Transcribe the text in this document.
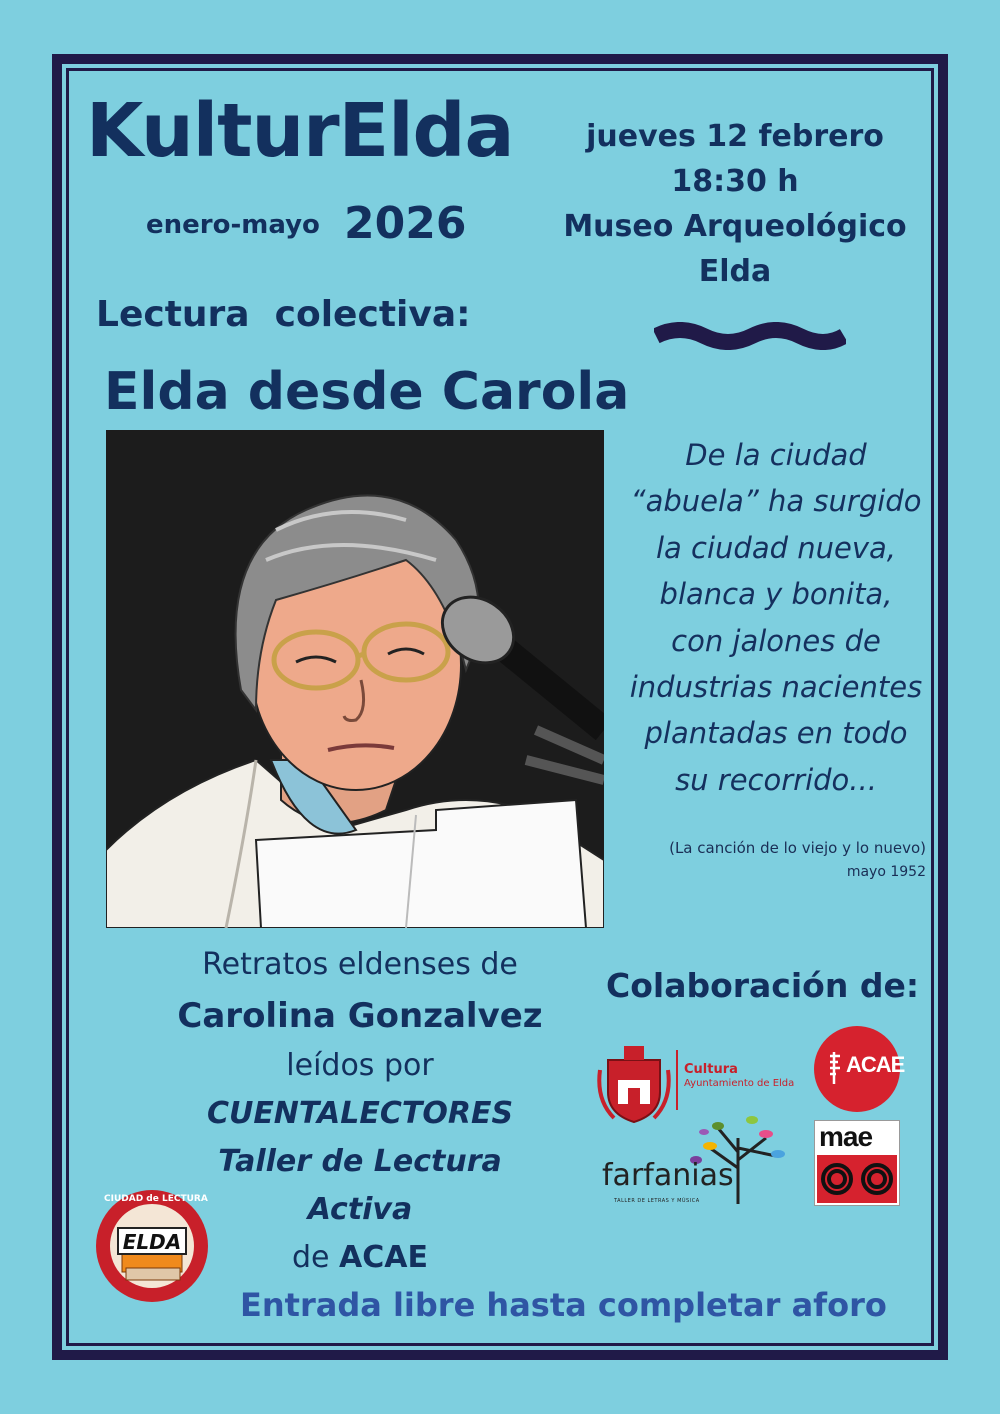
KulturElda
enero-mayo 2026
jueves 12 febrero
18:30 h
Museo Arqueológico
Elda
Lectura  colectiva:
Elda desde Carola
De la ciudad
“abuela” ha surgido
la ciudad nueva,
blanca y bonita,
con jalones de
industrias nacientes
plantadas en todo
su recorrido...
(La canción de lo viejo y lo nuevo)
mayo 1952
Retratos eldenses de
Carolina Gonzalvez
leídos por
CUENTALECTORES
Taller de Lectura
Activa
de ACAE
Colaboración de:
Cultura
Ayuntamiento de Elda
ACAE
farfanias
TALLER DE LETRAS Y MÚSICA
mae
ELDA
CIUDAD de LECTURA
Entrada libre hasta completar aforo
